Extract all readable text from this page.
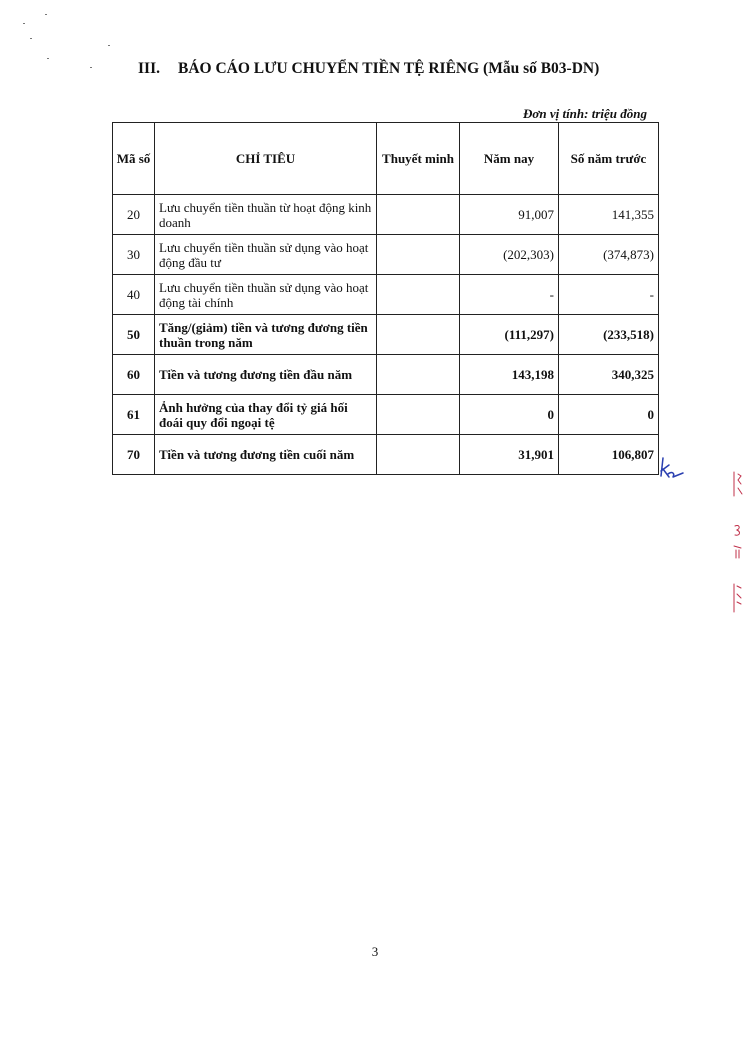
III. BÁO CÁO LƯU CHUYỂN TIỀN TỆ RIÊNG (Mẫu số B03-DN)
Đơn vị tính: triệu đồng
Mã số	CHỈ TIÊU	Thuyết minh	Năm nay	Số năm trước
20	Lưu chuyển tiền thuần từ hoạt động kinh doanh		91,007	141,355
30	Lưu chuyển tiền thuần sử dụng vào hoạt động đầu tư		(202,303)	(374,873)
40	Lưu chuyển tiền thuần sử dụng vào hoạt động tài chính		-	-
50	Tăng/(giảm) tiền và tương đương tiền thuần trong năm		(111,297)	(233,518)
60	Tiền và tương đương tiền đầu năm		143,198	340,325
61	Ảnh hưởng của thay đổi tỷ giá hối đoái quy đổi ngoại tệ		0	0
70	Tiền và tương đương tiền cuối năm		31,901	106,807
3
